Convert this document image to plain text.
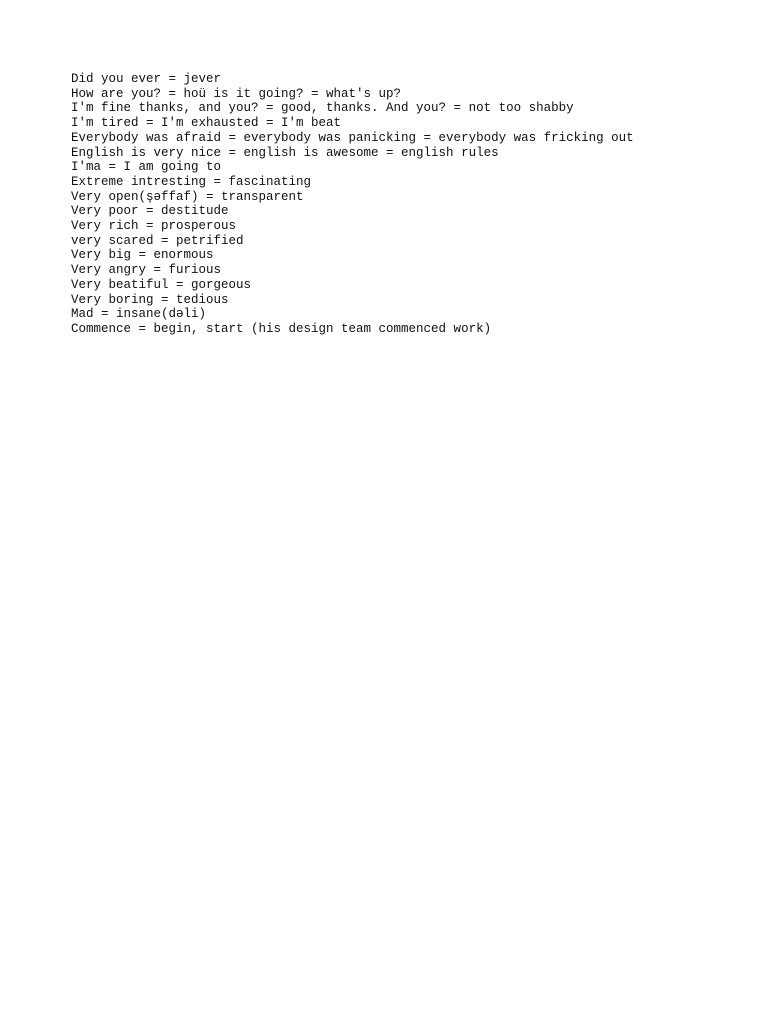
Did you ever = jever
How are you? = hoü is it going? = what's up?
I'm fine thanks, and you? = good, thanks. And you? = not too shabby
I'm tired = I'm exhausted = I'm beat
Everybody was afraid = everybody was panicking = everybody was fricking out
English is very nice = english is awesome = english rules
I'ma = I am going to
Extreme intresting = fascinating
Very open(şəffaf) = transparent
Very poor = destitude
Very rich = prosperous
very scared = petrified
Very big = enormous
Very angry = furious
Very beatiful = gorgeous
Very boring = tedious
Mad = insane(dəli)
Commence = begin, start (his design team commenced work)
